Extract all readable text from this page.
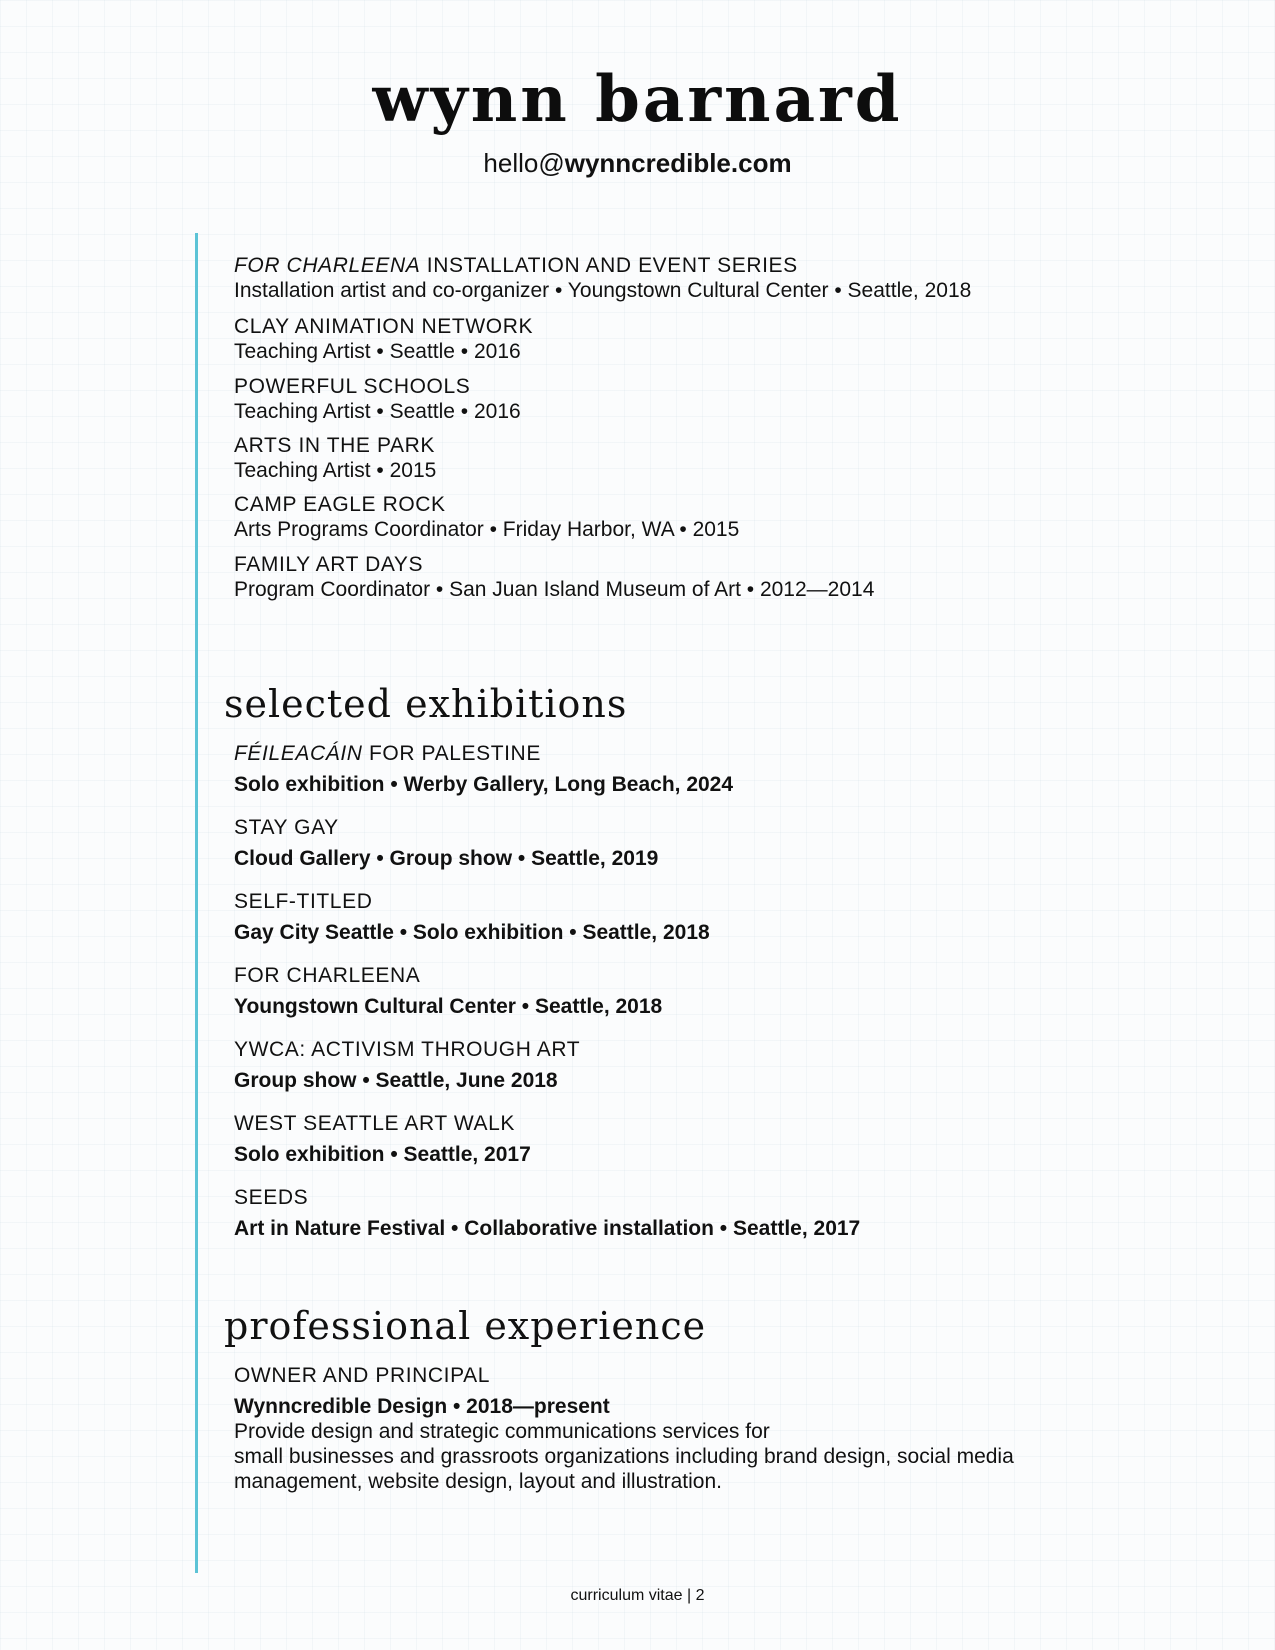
wynn barnard
hello@wynncredible.com
FOR CHARLEENA INSTALLATION AND EVENT SERIES
Installation artist and co-organizer • Youngstown Cultural Center • Seattle, 2018
CLAY ANIMATION NETWORK
Teaching Artist • Seattle • 2016
POWERFUL SCHOOLS
Teaching Artist • Seattle • 2016
ARTS IN THE PARK
Teaching Artist • 2015
CAMP EAGLE ROCK
Arts Programs Coordinator • Friday Harbor, WA • 2015
FAMILY ART DAYS
Program Coordinator • San Juan Island Museum of Art • 2012—2014
FÉILEACÁIN FOR PALESTINE
Solo exhibition • Werby Gallery, Long Beach, 2024
STAY GAY
Cloud Gallery • Group show • Seattle, 2019
SELF-TITLED
Gay City Seattle • Solo exhibition • Seattle, 2018
FOR CHARLEENA
Youngstown Cultural Center • Seattle, 2018
YWCA: ACTIVISM THROUGH ART
Group show • Seattle, June 2018
WEST SEATTLE ART WALK
Solo exhibition • Seattle, 2017
SEEDS
Art in Nature Festival • Collaborative installation • Seattle, 2017
OWNER AND PRINCIPAL
Wynncredible Design • 2018—present
Provide design and strategic communications services for
small businesses and grassroots organizations including brand design, social media
management, website design, layout and illustration.
selected exhibitions
professional experience
curriculum vitae | 2
